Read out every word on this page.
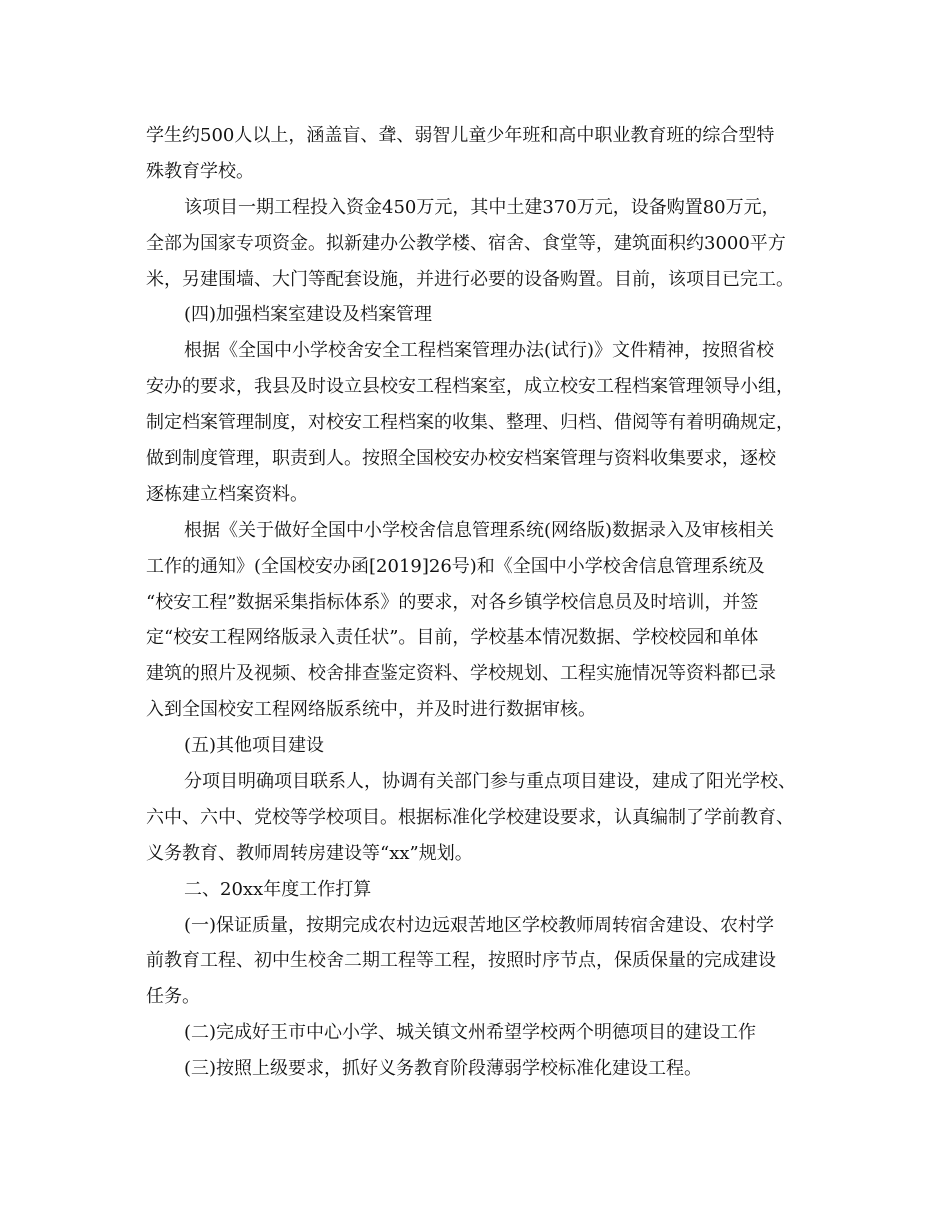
学生约500人以上，涵盖盲、聋、弱智儿童少年班和高中职业教育班的综合型特
殊教育学校。
该项目一期工程投入资金450万元，其中土建370万元，设备购置80万元，
全部为国家专项资金。拟新建办公教学楼、宿舍、食堂等，建筑面积约3000平方
米，另建围墙、大门等配套设施，并进行必要的设备购置。目前，该项目已完工。
(四)加强档案室建设及档案管理
根据《全国中小学校舍安全工程档案管理办法(试行)》文件精神，按照省校
安办的要求，我县及时设立县校安工程档案室，成立校安工程档案管理领导小组，
制定档案管理制度，对校安工程档案的收集、整理、归档、借阅等有着明确规定，
做到制度管理，职责到人。按照全国校安办校安档案管理与资料收集要求，逐校
逐栋建立档案资料。
根据《关于做好全国中小学校舍信息管理系统(网络版)数据录入及审核相关
工作的通知》(全国校安办函[2019]26号)和《全国中小学校舍信息管理系统及
“校安工程”数据采集指标体系》的要求，对各乡镇学校信息员及时培训，并签
定“校安工程网络版录入责任状”。目前，学校基本情况数据、学校校园和单体
建筑的照片及视频、校舍排查鉴定资料、学校规划、工程实施情况等资料都已录
入到全国校安工程网络版系统中，并及时进行数据审核。
(五)其他项目建设
分项目明确项目联系人，协调有关部门参与重点项目建设，建成了阳光学校、
六中、六中、党校等学校项目。根据标准化学校建设要求，认真编制了学前教育、
义务教育、教师周转房建设等“xx”规划。
二、20xx年度工作打算
(一)保证质量，按期完成农村边远艰苦地区学校教师周转宿舍建设、农村学
前教育工程、初中生校舍二期工程等工程，按照时序节点，保质保量的完成建设
任务。
(二)完成好王市中心小学、城关镇文州希望学校两个明德项目的建设工作
(三)按照上级要求，抓好义务教育阶段薄弱学校标准化建设工程。
